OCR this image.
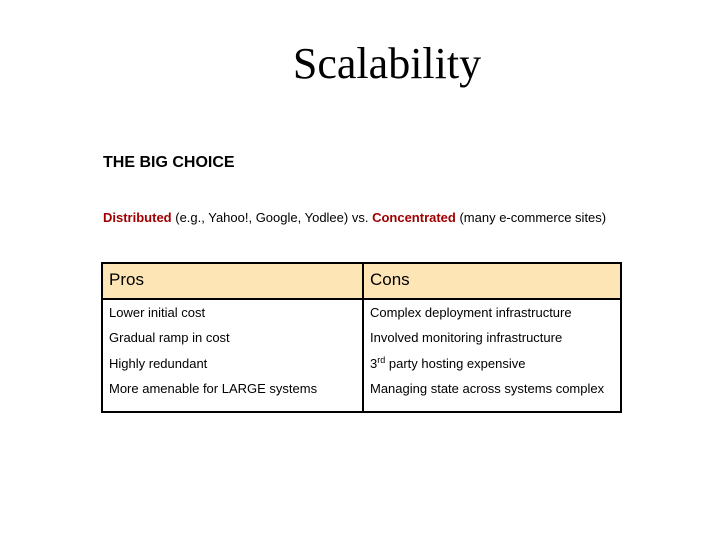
Scalability
THE BIG CHOICE
Distributed (e.g., Yahoo!, Google, Yodlee) vs. Concentrated (many e-commerce sites)
Pros	Cons
Lower initial cost	Complex deployment infrastructure
Gradual ramp in cost	Involved monitoring infrastructure
Highly redundant	3rd party hosting expensive
More amenable for LARGE systems	Managing state across systems complex
